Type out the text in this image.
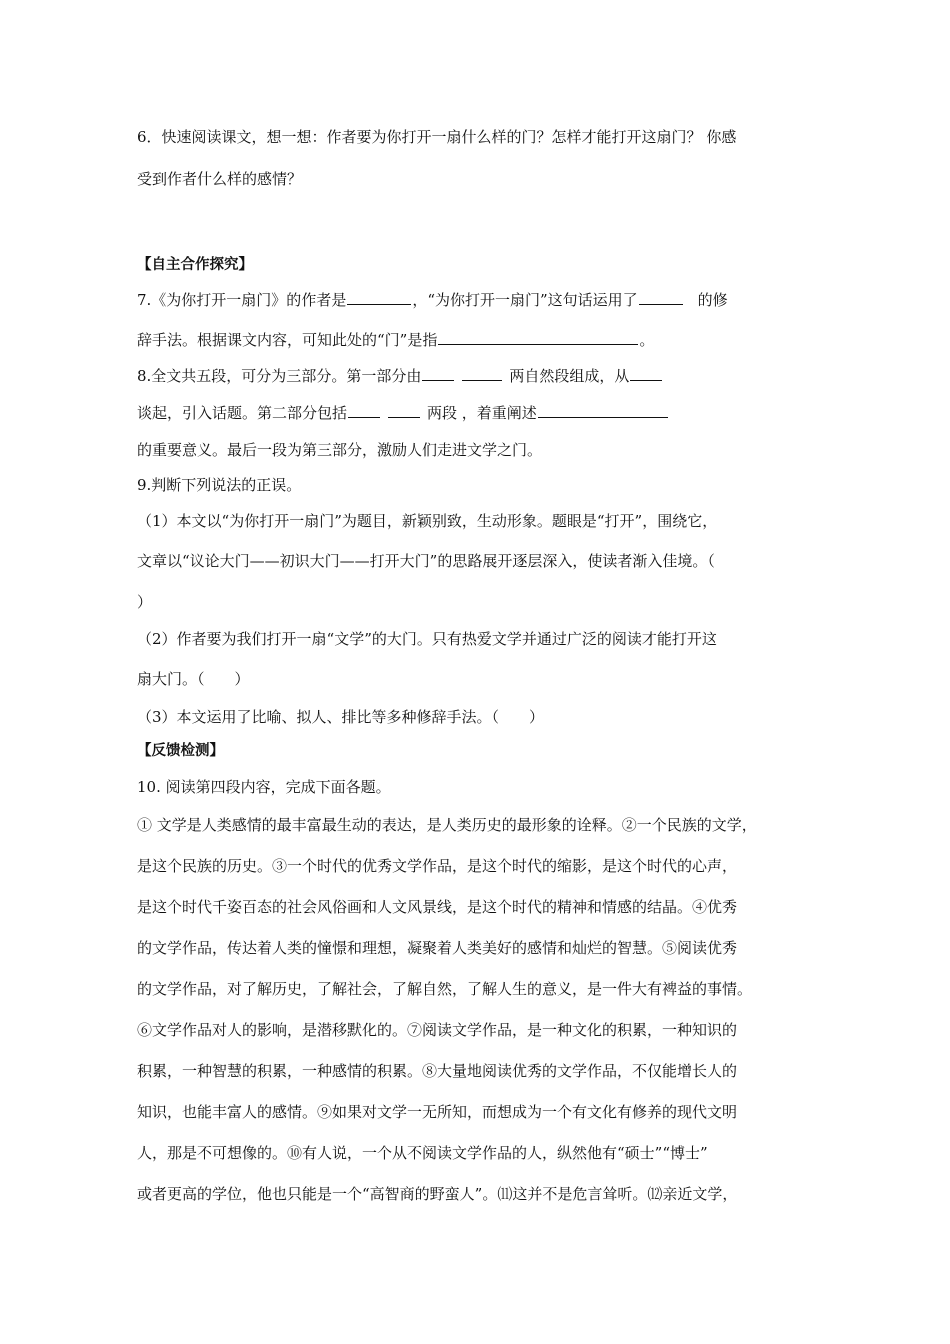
6．快速阅读课文，想一想：作者要为你打开一扇什么样的门？怎样才能打开这扇门？ 你感
受到作者什么样的感情？
【自主合作探究】
7.《为你打开一扇门》的作者是	，“为你打开一扇门”这句话运用了	的修
辞手法。根据课文内容，可知此处的“门”是指	。
8.全文共五段，可分为三部分。第一部分由	两自然段组成，从
谈起，引入话题。第二部分包括	两段 ，着重阐述
的重要意义。最后一段为第三部分，激励人们走进文学之门。
9.判断下列说法的正误。
（1）本文以“为你打开一扇门”为题目，新颖别致，生动形象。题眼是“打开”，围绕它，
文章以“议论大门——初识大门——打开大门”的思路展开逐层深入，使读者渐入佳境。（
）
（2）作者要为我们打开一扇“文学”的大门。只有热爱文学并通过广泛的阅读才能打开这
扇大门。（　　）
（3）本文运用了比喻、拟人、排比等多种修辞手法。（　　）
【反馈检测】
10. 阅读第四段内容，完成下面各题。
① 文学是人类感情的最丰富最生动的表达，是人类历史的最形象的诠释。②一个民族的文学，
是这个民族的历史。③一个时代的优秀文学作品，是这个时代的缩影，是这个时代的心声，
是这个时代千姿百态的社会风俗画和人文风景线，是这个时代的精神和情感的结晶。④优秀
的文学作品，传达着人类的憧憬和理想，凝聚着人类美好的感情和灿烂的智慧。⑤阅读优秀
的文学作品，对了解历史，了解社会，了解自然，了解人生的意义，是一件大有裨益的事情。
⑥文学作品对人的影响，是潜移默化的。⑦阅读文学作品，是一种文化的积累，一种知识的
积累，一种智慧的积累，一种感情的积累。⑧大量地阅读优秀的文学作品，不仅能增长人的
知识，也能丰富人的感情。⑨如果对文学一无所知，而想成为一个有文化有修养的现代文明
人，那是不可想像的。⑩有人说，一个从不阅读文学作品的人，纵然他有“硕士”“博士”
或者更高的学位，他也只能是一个“高智商的野蛮人”。⑾这并不是危言耸听。⑿亲近文学，
